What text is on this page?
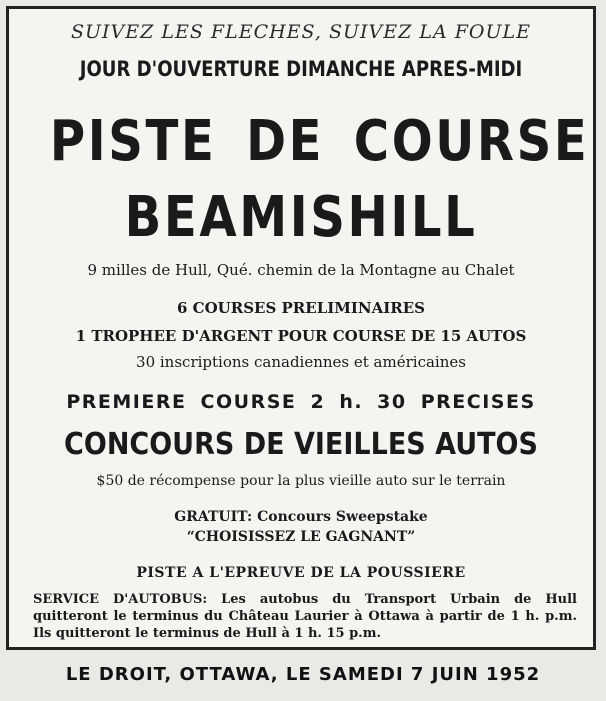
SUIVEZ LES FLECHES, SUIVEZ LA FOULE

JOUR D'OUVERTURE DIMANCHE APRES-MIDI

PISTE DE COURSE

BEAMISHILL

9 milles de Hull, Qué. chemin de la Montagne au Chalet

6 COURSES PRELIMINAIRES

1 TROPHEE D'ARGENT POUR COURSE DE 15 AUTOS

30 inscriptions canadiennes et américaines

PREMIERE COURSE 2 h. 30 PRECISES

CONCOURS DE VIEILLES AUTOS

$50 de récompense pour la plus vieille auto sur le terrain

GRATUIT: Concours Sweepstake

“CHOISISSEZ LE GAGNANT”

PISTE A L'EPREUVE DE LA POUSSIERE

SERVICE D'AUTOBUS: Les autobus du Transport Urbain de Hull quitteront le terminus du Château Laurier à Ottawa à partir de 1 h. p.m. Ils quitteront le terminus de Hull à 1 h. 15 p.m.

LE DROIT, OTTAWA, LE SAMEDI 7 JUIN 1952
